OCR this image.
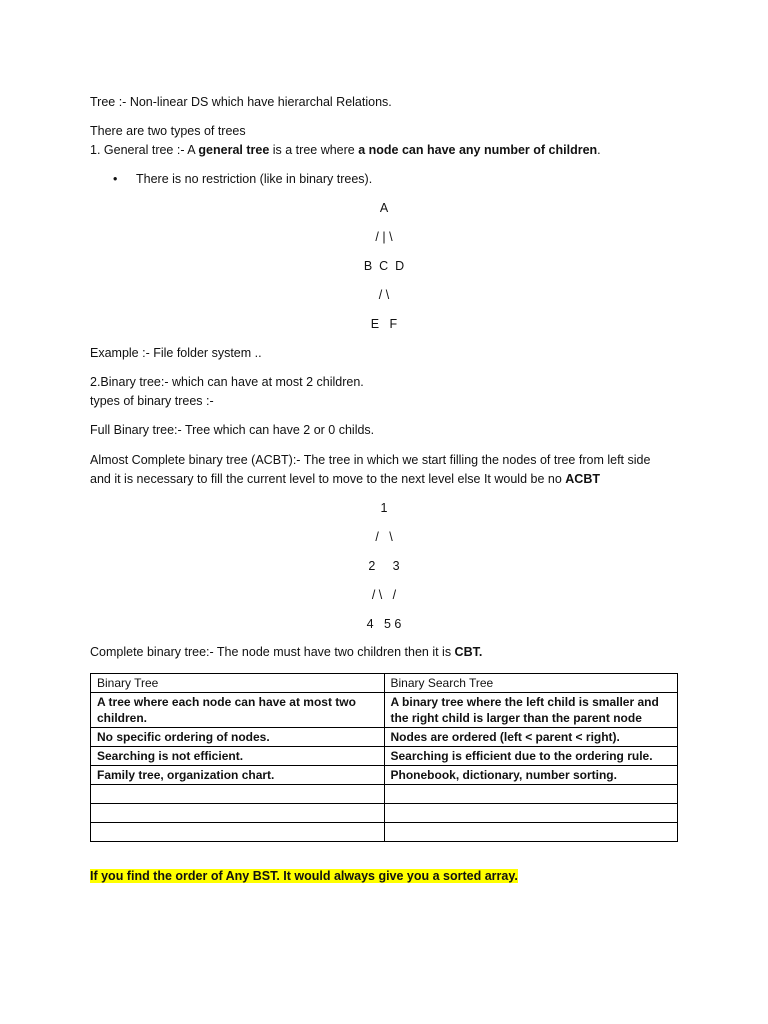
Tree :- Non-linear DS which have hierarchal Relations.
There are two types of trees
1. General tree :- A general tree is a tree where a node can have any number of children.
• There is no restriction (like in binary trees).
A
/ | \
B  C  D
/ \
E   F
Example :- File folder system ..
2.Binary tree:- which can have at most 2 children.
types of binary trees :-
Full Binary tree:- Tree which can have 2 or 0 childs.
Almost Complete binary tree (ACBT):- The tree in which we start filling the nodes of tree from left side
and it is necessary to fill the current level to move to the next level else It would be no ACBT
1
/   \
2     3
/ \   /
4   5 6
Complete binary tree:- The node must have two children then it is CBT.
Binary Tree	Binary Search Tree
A tree where each node can have at most two children.	A binary tree where the left child is smaller and the right child is larger than the parent node
No specific ordering of nodes.	Nodes are ordered (left < parent < right).
Searching is not efficient.	Searching is efficient due to the ordering rule.
Family tree, organization chart.	Phonebook, dictionary, number sorting.

If you find the order of Any BST. It would always give you a sorted array.
